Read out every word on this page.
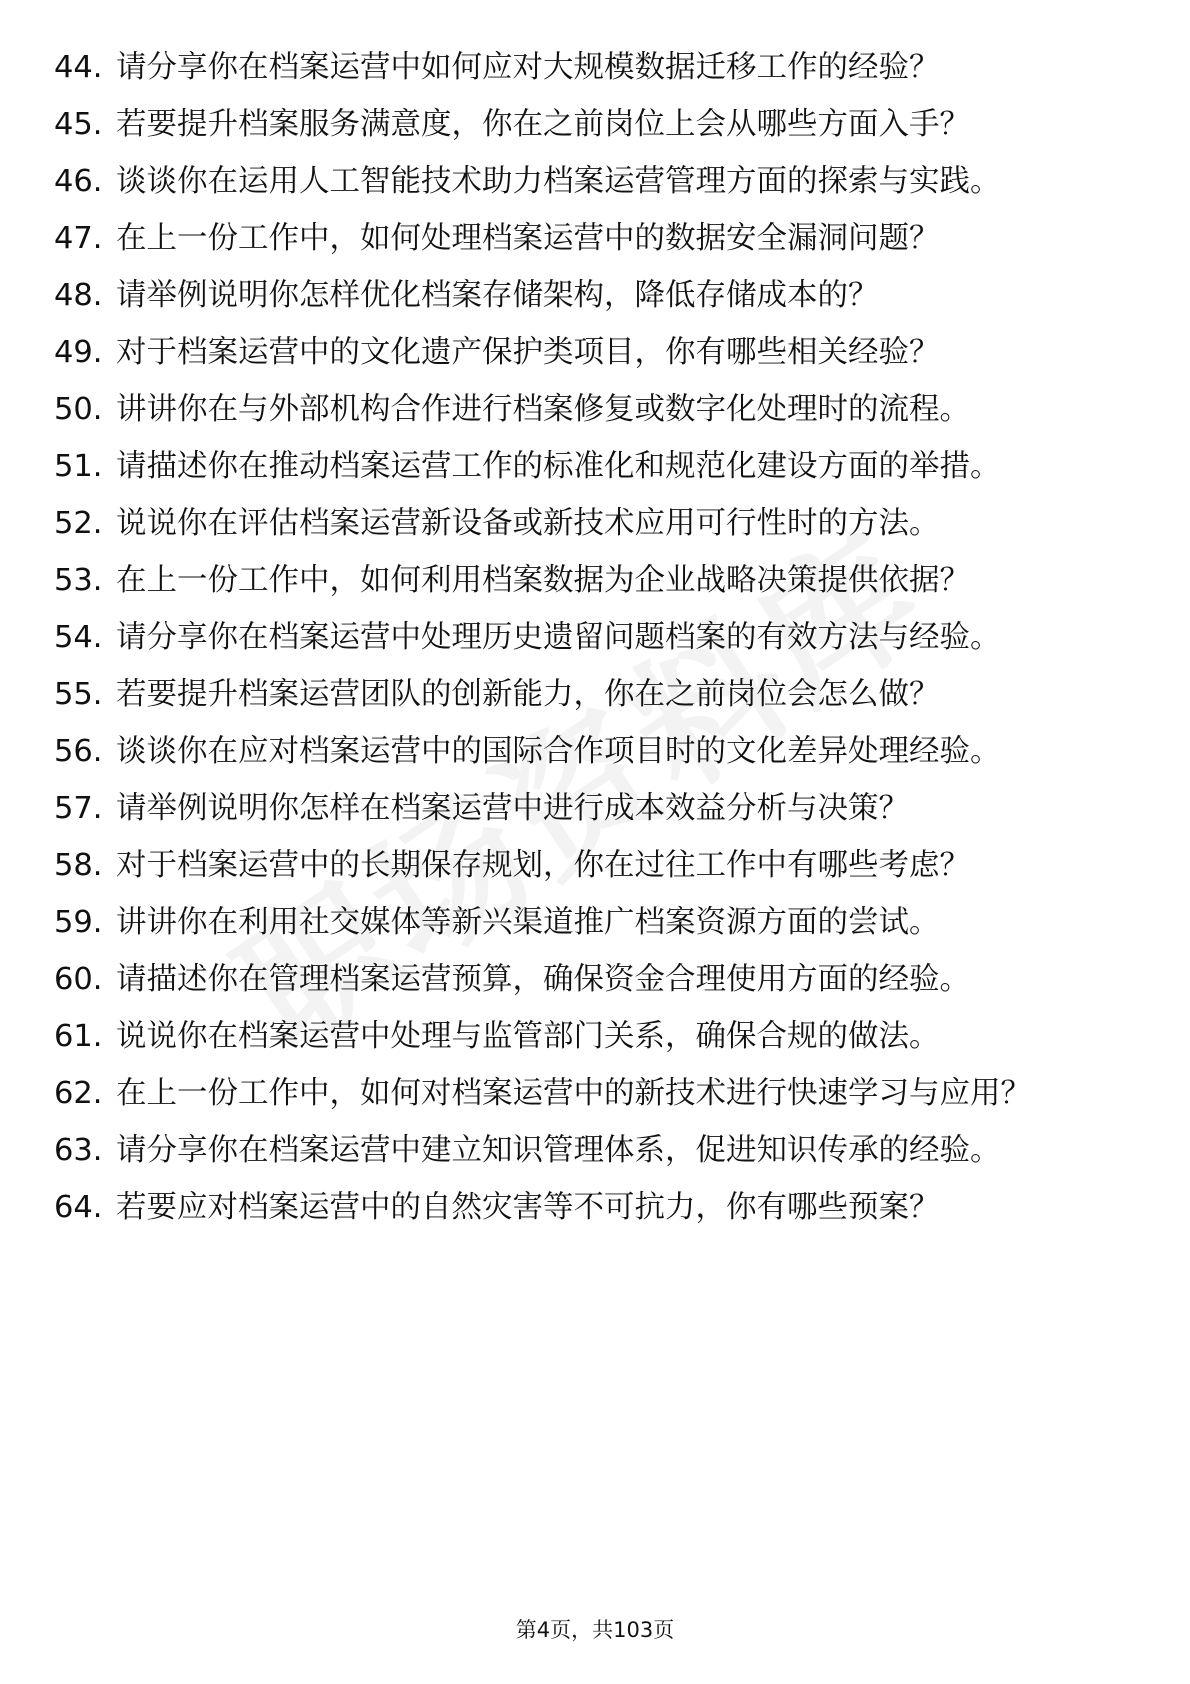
44. 请分享你在档案运营中如何应对大规模数据迁移工作的经验？
45. 若要提升档案服务满意度，你在之前岗位上会从哪些方面入手？
46. 谈谈你在运用人工智能技术助力档案运营管理方面的探索与实践。
47. 在上一份工作中，如何处理档案运营中的数据安全漏洞问题？
48. 请举例说明你怎样优化档案存储架构，降低存储成本的？
49. 对于档案运营中的文化遗产保护类项目，你有哪些相关经验？
50. 讲讲你在与外部机构合作进行档案修复或数字化处理时的流程。
51. 请描述你在推动档案运营工作的标准化和规范化建设方面的举措。
52. 说说你在评估档案运营新设备或新技术应用可行性时的方法。
53. 在上一份工作中，如何利用档案数据为企业战略决策提供依据？
54. 请分享你在档案运营中处理历史遗留问题档案的有效方法与经验。
55. 若要提升档案运营团队的创新能力，你在之前岗位会怎么做？
56. 谈谈你在应对档案运营中的国际合作项目时的文化差异处理经验。
57. 请举例说明你怎样在档案运营中进行成本效益分析与决策？
58. 对于档案运营中的长期保存规划，你在过往工作中有哪些考虑？
59. 讲讲你在利用社交媒体等新兴渠道推广档案资源方面的尝试。
60. 请描述你在管理档案运营预算，确保资金合理使用方面的经验。
61. 说说你在档案运营中处理与监管部门关系，确保合规的做法。
62. 在上一份工作中，如何对档案运营中的新技术进行快速学习与应用？
63. 请分享你在档案运营中建立知识管理体系，促进知识传承的经验。
64. 若要应对档案运营中的自然灾害等不可抗力，你有哪些预案？
第4页，共103页
